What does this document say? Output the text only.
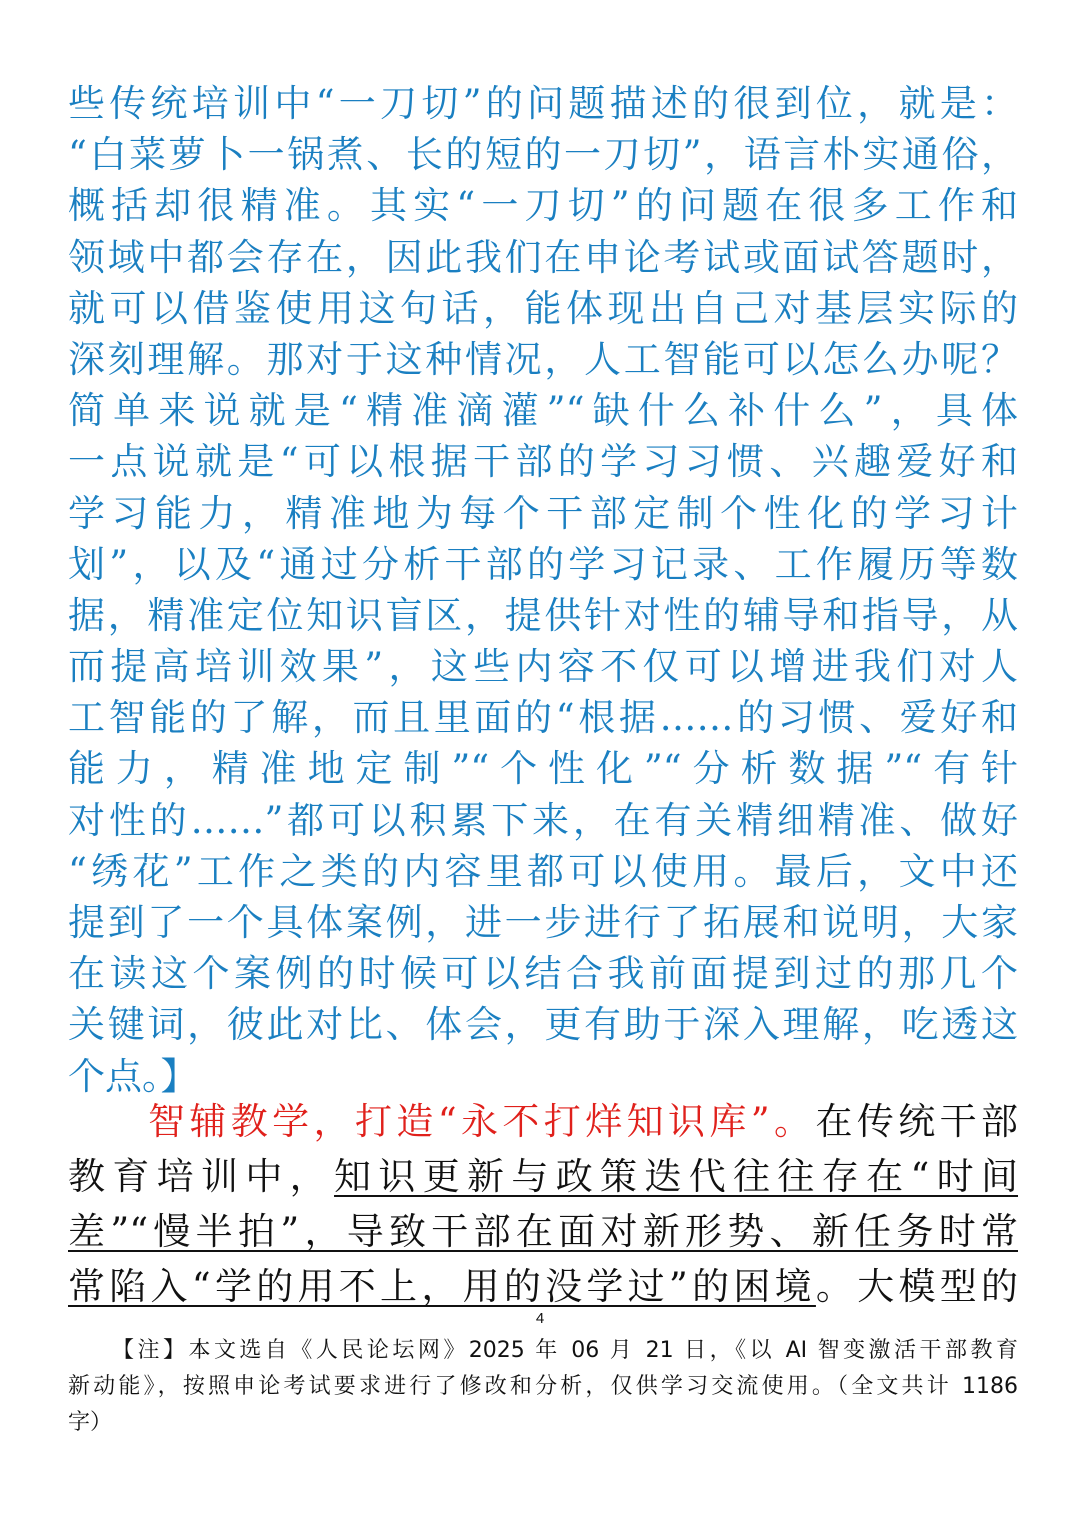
些传统培训中“一刀切”的问题描述的很到位，就是：
“白菜萝卜一锅煮、长的短的一刀切”，语言朴实通俗，
概括却很精准。其实“一刀切”的问题在很多工作和
领域中都会存在，因此我们在申论考试或面试答题时，
就可以借鉴使用这句话，能体现出自己对基层实际的
深刻理解。那对于这种情况，人工智能可以怎么办呢？
简单来说就是“精准滴灌”“缺什么补什么”，具体
一点说就是“可以根据干部的学习习惯、兴趣爱好和
学习能力，精准地为每个干部定制个性化的学习计
划”，以及“通过分析干部的学习记录、工作履历等数
据，精准定位知识盲区，提供针对性的辅导和指导，从
而提高培训效果”，这些内容不仅可以增进我们对人
工智能的了解，而且里面的“根据……的习惯、爱好和
能力，精准地定制”“个性化”“分析数据”“有针
对性的……”都可以积累下来，在有关精细精准、做好
“绣花”工作之类的内容里都可以使用。最后，文中还
提到了一个具体案例，进一步进行了拓展和说明，大家
在读这个案例的时候可以结合我前面提到过的那几个
关键词，彼此对比、体会，更有助于深入理解，吃透这
个点。】
智辅教学，打造“永不打烊知识库”。在传统干部
教育培训中，知识更新与政策迭代往往存在“时间
差”“慢半拍”，导致干部在面对新形势、新任务时常
常陷入“学的用不上，用的没学过”的困境。大模型的
4
【注】本文选自《人民论坛网》2025 年 06 月 21 日，《以 AI 智变激活干部教育
新动能》，按照申论考试要求进行了修改和分析，仅供学习交流使用。（全文共计 1186
字）
